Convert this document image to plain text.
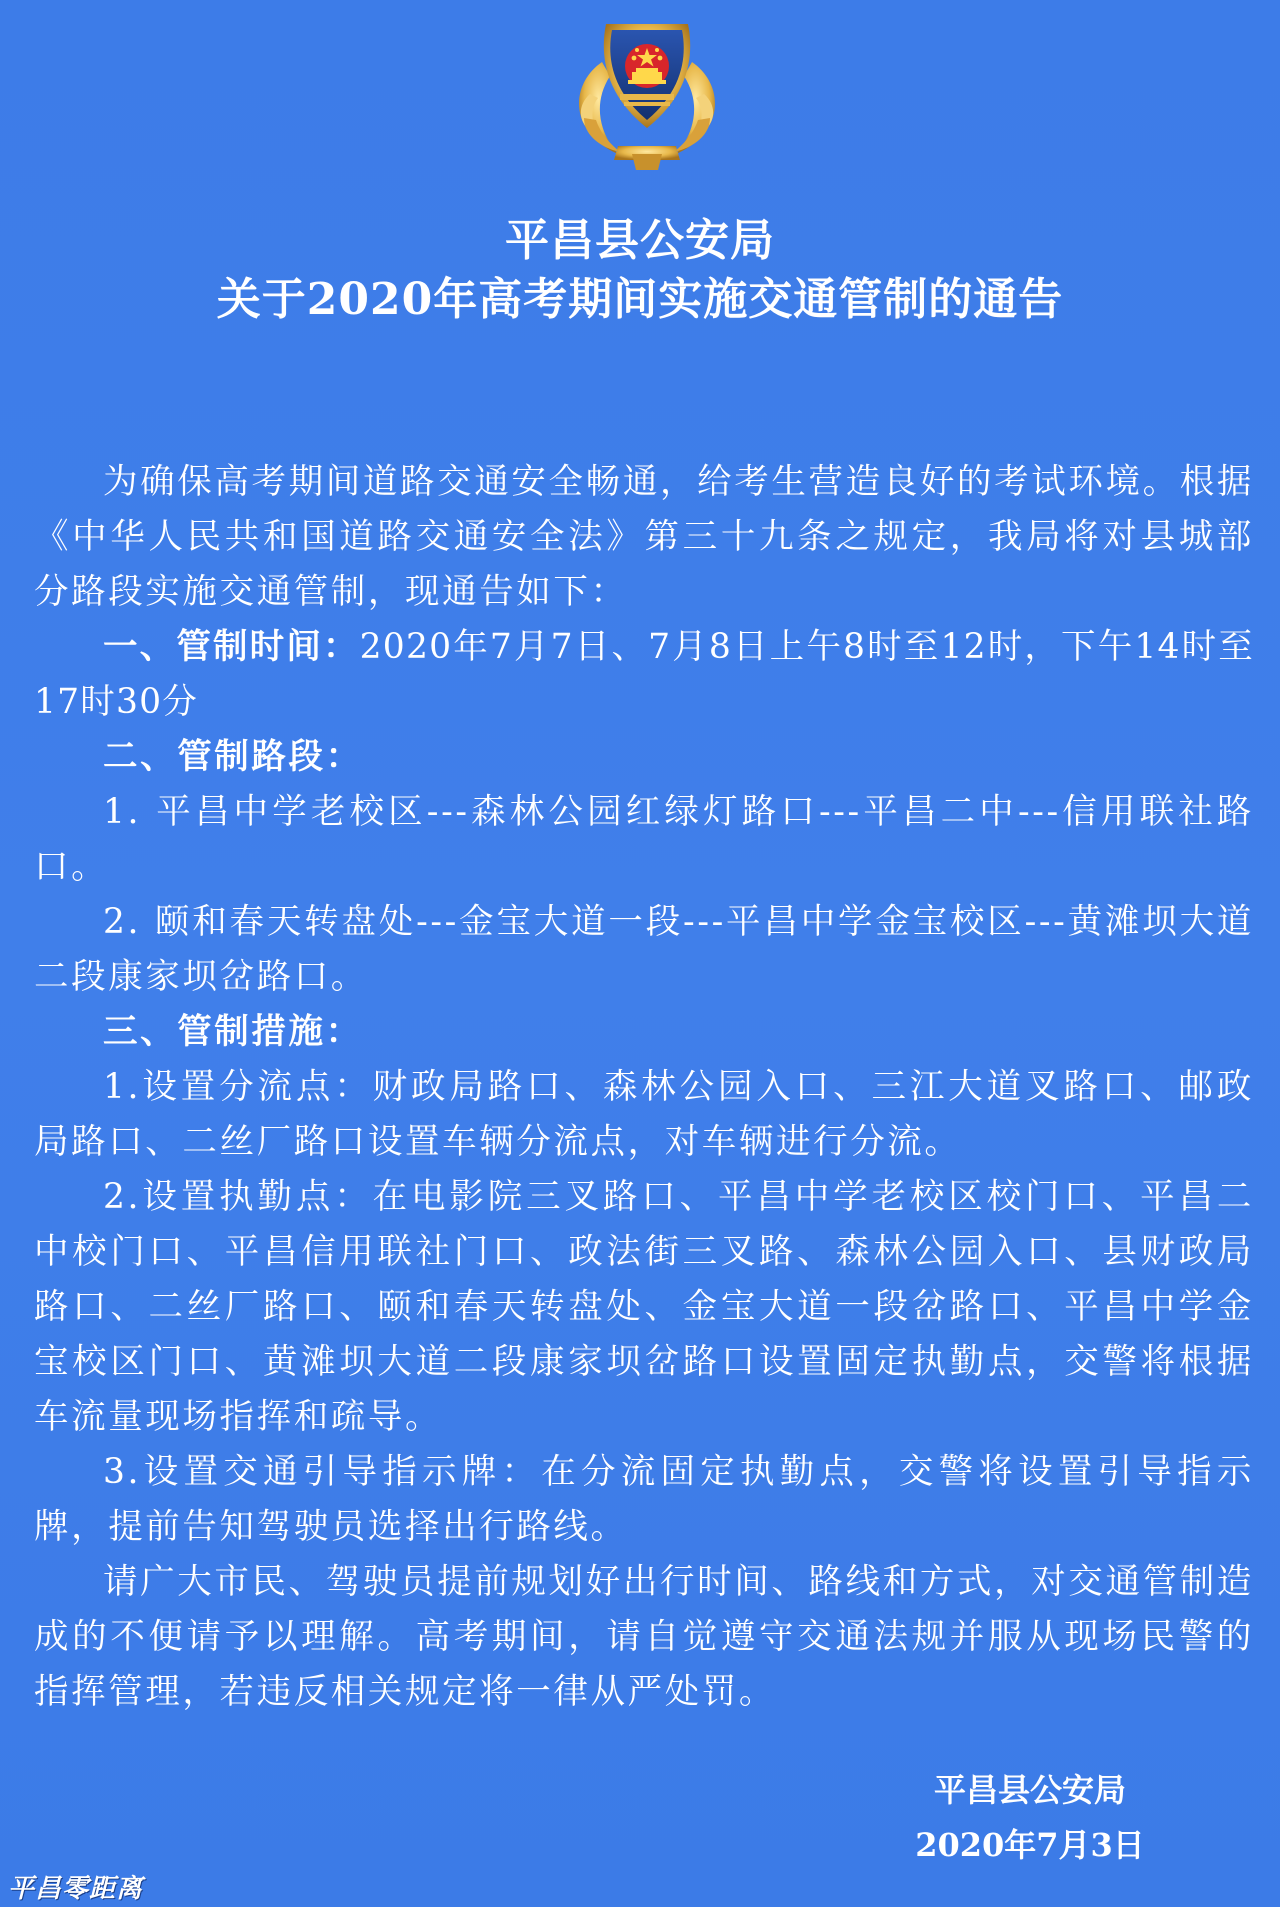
平昌县公安局
关于2020年高考期间实施交通管制的通告

为确保高考期间道路交通安全畅通，给考生营造良好的考试环境。根据《中华人民共和国道路交通安全法》第三十九条之规定，我局将对县城部分路段实施交通管制，现通告如下：

一、管制时间：2020年7月7日、7月8日上午8时至12时，下午14时至17时30分

二、管制路段：

1. 平昌中学老校区---森林公园红绿灯路口---平昌二中---信用联社路口。

2. 颐和春天转盘处---金宝大道一段---平昌中学金宝校区---黄滩坝大道二段康家坝岔路口。

三、管制措施：

1.设置分流点：财政局路口、森林公园入口、三江大道叉路口、邮政局路口、二丝厂路口设置车辆分流点，对车辆进行分流。

2.设置执勤点：在电影院三叉路口、平昌中学老校区校门口、平昌二中校门口、平昌信用联社门口、政法街三叉路、森林公园入口、县财政局路口、二丝厂路口、颐和春天转盘处、金宝大道一段岔路口、平昌中学金宝校区门口、黄滩坝大道二段康家坝岔路口设置固定执勤点，交警将根据车流量现场指挥和疏导。

3.设置交通引导指示牌：在分流固定执勤点，交警将设置引导指示牌，提前告知驾驶员选择出行路线。

请广大市民、驾驶员提前规划好出行时间、路线和方式，对交通管制造成的不便请予以理解。高考期间，请自觉遵守交通法规并服从现场民警的指挥管理，若违反相关规定将一律从严处罚。

平昌县公安局
2020年7月3日
平昌零距离
